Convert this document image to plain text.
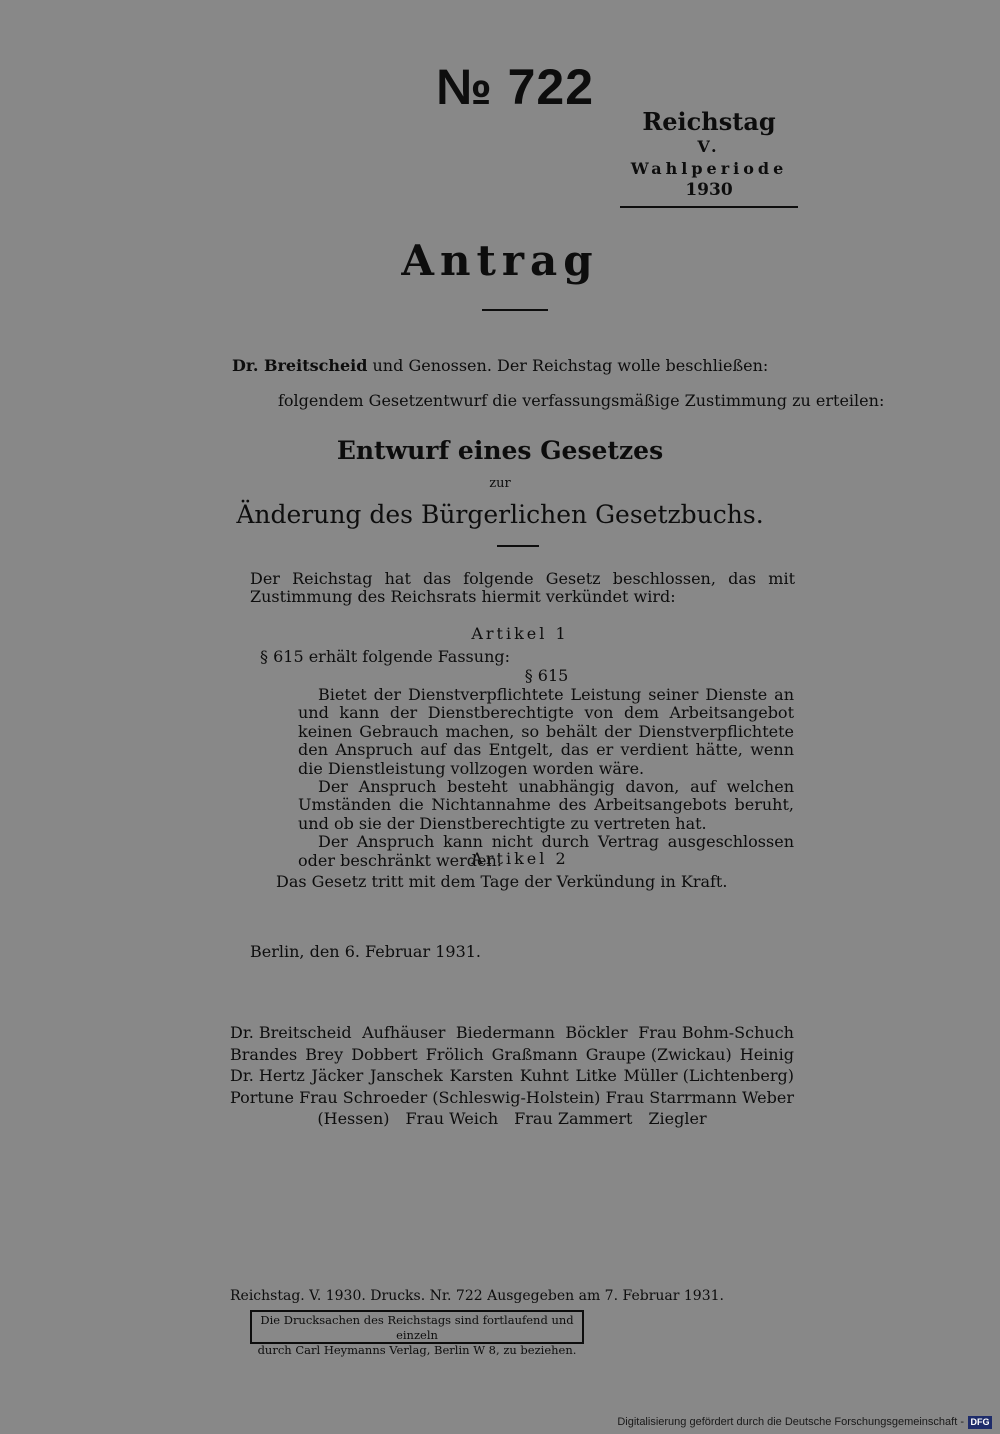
№ 722
Reichstag
V. Wahlperiode
1930
Antrag
Dr. Breitscheid und Genossen. Der Reichstag wolle beschließen:
folgendem Gesetzentwurf die verfassungsmäßige Zustimmung zu erteilen:
Entwurf eines Gesetzes
zur
Änderung des Bürgerlichen Gesetzbuchs.
Der Reichstag hat das folgende Gesetz beschlossen, das mit Zustimmung des Reichsrats hiermit verkündet wird:
Artikel 1
§ 615 erhält folgende Fassung:
§ 615

Bietet der Dienstverpflichtete Leistung seiner Dienste an und kann der Dienstberechtigte von dem Arbeitsangebot keinen Gebrauch machen, so behält der Dienstverpflichtete den Anspruch auf das Entgelt, das er verdient hätte, wenn die Dienstleistung vollzogen worden wäre.

Der Anspruch besteht unabhängig davon, auf welchen Umständen die Nichtannahme des Arbeitsangebots beruht, und ob sie der Dienstberechtigte zu vertreten hat.

Der Anspruch kann nicht durch Vertrag ausgeschlossen oder beschränkt werden.

Artikel 2
Das Gesetz tritt mit dem Tage der Verkündung in Kraft.
Berlin, den 6. Februar 1931.
Dr. Breitscheid Aufhäuser Biedermann Böckler Frau Bohm-Schuch
Brandes Brey Dobbert Frölich Graßmann Graupe (Zwickau) Heinig
Dr. Hertz Jäcker Janschek Karsten Kuhnt Litke Müller (Lichtenberg)
Portune Frau Schroeder (Schleswig-Holstein) Frau Starrmann Weber
(Hessen) Frau Weich Frau Zammert Ziegler
Reichstag. V. 1930. Drucks. Nr. 722 Ausgegeben am 7. Februar 1931.
Die Drucksachen des Reichstags sind fortlaufend und einzeln
durch Carl Heymanns Verlag, Berlin W 8, zu beziehen.
Digitalisierung gefördert durch die Deutsche Forschungsgemeinschaft - DFG
